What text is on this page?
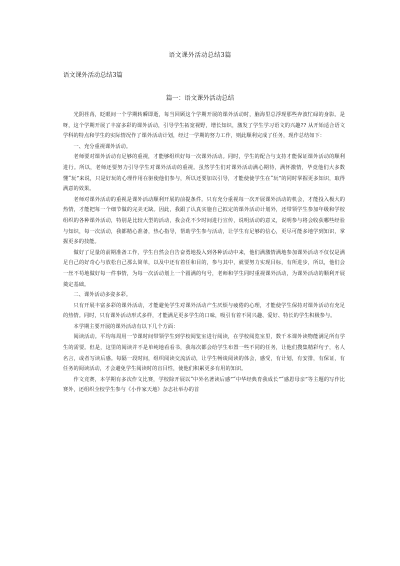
语文课外活动总结3篇
语文课外活动总结3篇
篇一：语文课外活动总结

光阴荏苒，眨眼间一个学期转瞬即逝，每当回顾这个学期开展的课外活动时，脑海里总浮现那些奔波忙碌的身影。是呀，这个学期开展了丰富多彩的课外活动，引导学生拓宽视野，增长知识，激发了学生学习语文的兴趣?? 从开始适合语文学科的特点和学生的实际情况作了课外活动计划，经过一学期的努力工作，则此顺利完成了任务，现作总结如下：

一、充分重视课外活动。

老师要对课外活动有足够的重视，才能够组织好每一次课外活动。同时，学生的配合与支持才能保证课外活动的顺利进行。所以，老师还要努力引导学生对课外活动的重视。虽然学生们对课外活动满心期待，满怀激情，毕竟他们大多数懂“玩”来说，只是好玩的心理作用在驱使他们参与，所以还要加以引导，才能使使学生在“玩”的同时掌握更多知识，取得满意的效果。

老师对课外活动的重视是课外活动顺利开展的前提条件。只有充分重视每一次开展课外活动的机会，才能投入极大的热情，才能把每一个细节做的完美无缺。因此，我跟了认真实施自己拟定的课外活动计划外，还带领学生参加年级和学校组织的各种课外活动，特别是比较大型的活动，我会花不少时间进行宣传，说明活动的意义，说明参与将会收获哪些经验与知识，每一次活动，我都精心准备，热心指导，帮助学生参与活动，让学生有足够的信心，更尽可能多地学到知识，掌握更多的技能。

做好了足量的前期准备工作，学生自然会自告奋勇地投入到各种活动中来，他们满激情满地参加课外活动不仅仅是满足自己的好奇心与放松自己那么简单，以及中还有着任和目的，参与其中，就要努力实现目标，有所进步，所以，他们会一丝不苟地做好每一件事情，为每一次活动划上一个圆满的句号，老师和学生同时重视课外活动，为课外活动的顺利开展奠定基础。

二、课外活动多姿多彩。

只有开展丰富多彩的课外活动，才能避免学生对课外活动产生厌烦与疲倦的心理，才能使学生保持对课外活动有充足的热情。同时，只有课外活动形式多样，才能满足更多学生的口味，吸引有着不同兴趣、爱好、特长的学生积极参与。

本学期主要开展的课外活动有以下几个方面：

阅读活动。平均每周用一节课时间带领学生到学校阅览室进行阅读，在学校阅览室里，数千本课外读物能满足所有学生的需要。但是，这里的阅读并不是单纯地看看书，我每次都会给学生布置一些不同的任务，让他们搜集精彩句子，名人名言，或者写读后感。每隔一段时间，组织阅读交流活动，让学生畅谈阅读的体会，感受，有计划，有安排，有保证，有任务的阅读活动，才会避免学生阅读时的盲目性，使他们积累更多有用的知识。

作文竞赛，本学期有多次作文比赛，学校除开展以“中外名著读后感”“中华经典育我成长”“感恩母亲”等主题的写作比赛外，还组织全校学生参与《小作家天地》杂志社举办的首
